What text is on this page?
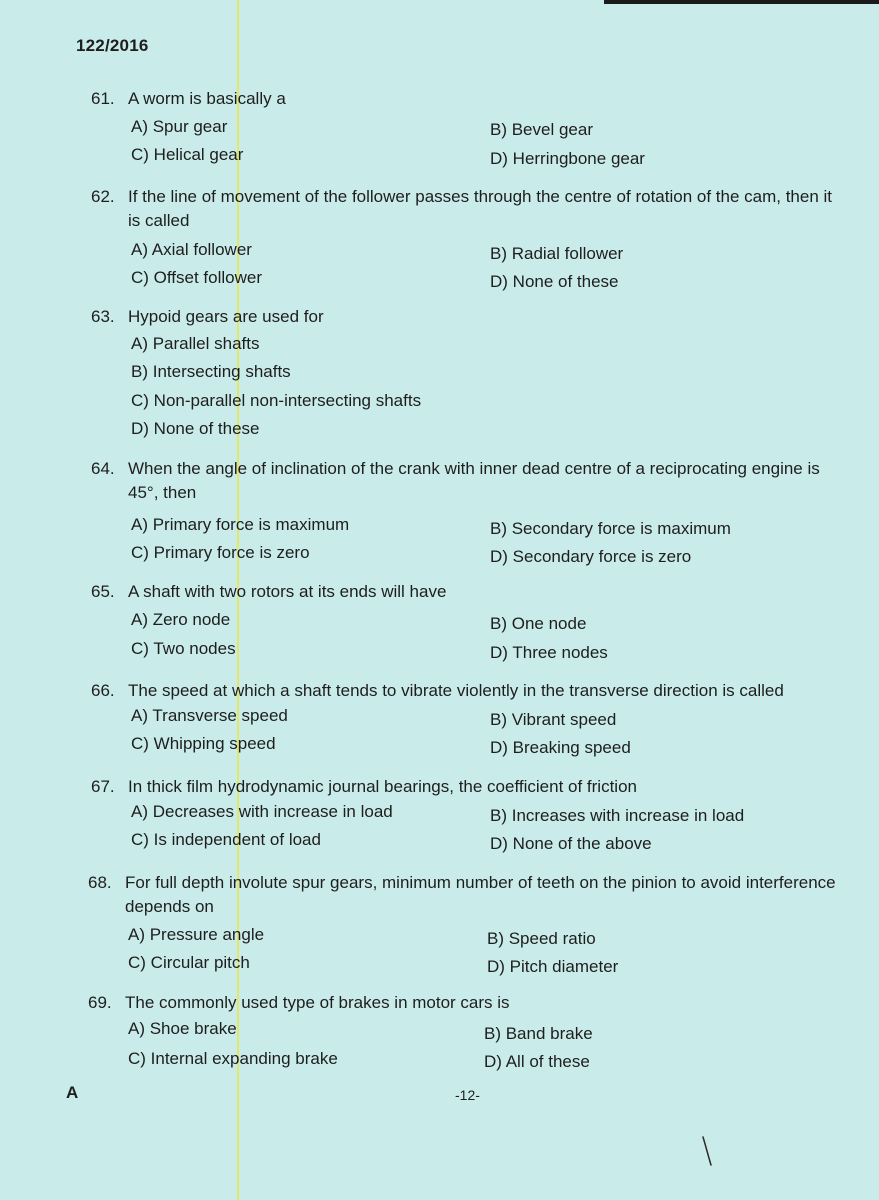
122/2016
61. A worm is basically a
A) Spur gear	B) Bevel gear
C) Helical gear	D) Herringbone gear
62. If the line of movement of the follower passes through the centre of rotation of the cam, then it is called
A) Axial follower	B) Radial follower
C) Offset follower	D) None of these
63. Hypoid gears are used for
A) Parallel shafts
B) Intersecting shafts
C) Non-parallel non-intersecting shafts
D) None of these
64. When the angle of inclination of the crank with inner dead centre of a reciprocating engine is 45°, then
A) Primary force is maximum	B) Secondary force is maximum
C) Primary force is zero	D) Secondary force is zero
65. A shaft with two rotors at its ends will have
A) Zero node	B) One node
C) Two nodes	D) Three nodes
66. The speed at which a shaft tends to vibrate violently in the transverse direction is called
A) Transverse speed	B) Vibrant speed
C) Whipping speed	D) Breaking speed
67. In thick film hydrodynamic journal bearings, the coefficient of friction
A) Decreases with increase in load	B) Increases with increase in load
C) Is independent of load	D) None of the above
68. For full depth involute spur gears, minimum number of teeth on the pinion to avoid interference depends on
A) Pressure angle	B) Speed ratio
C) Circular pitch	D) Pitch diameter
69. The commonly used type of brakes in motor cars is
A) Shoe brake	B) Band brake
C) Internal expanding brake	D) All of these
A	-12-
